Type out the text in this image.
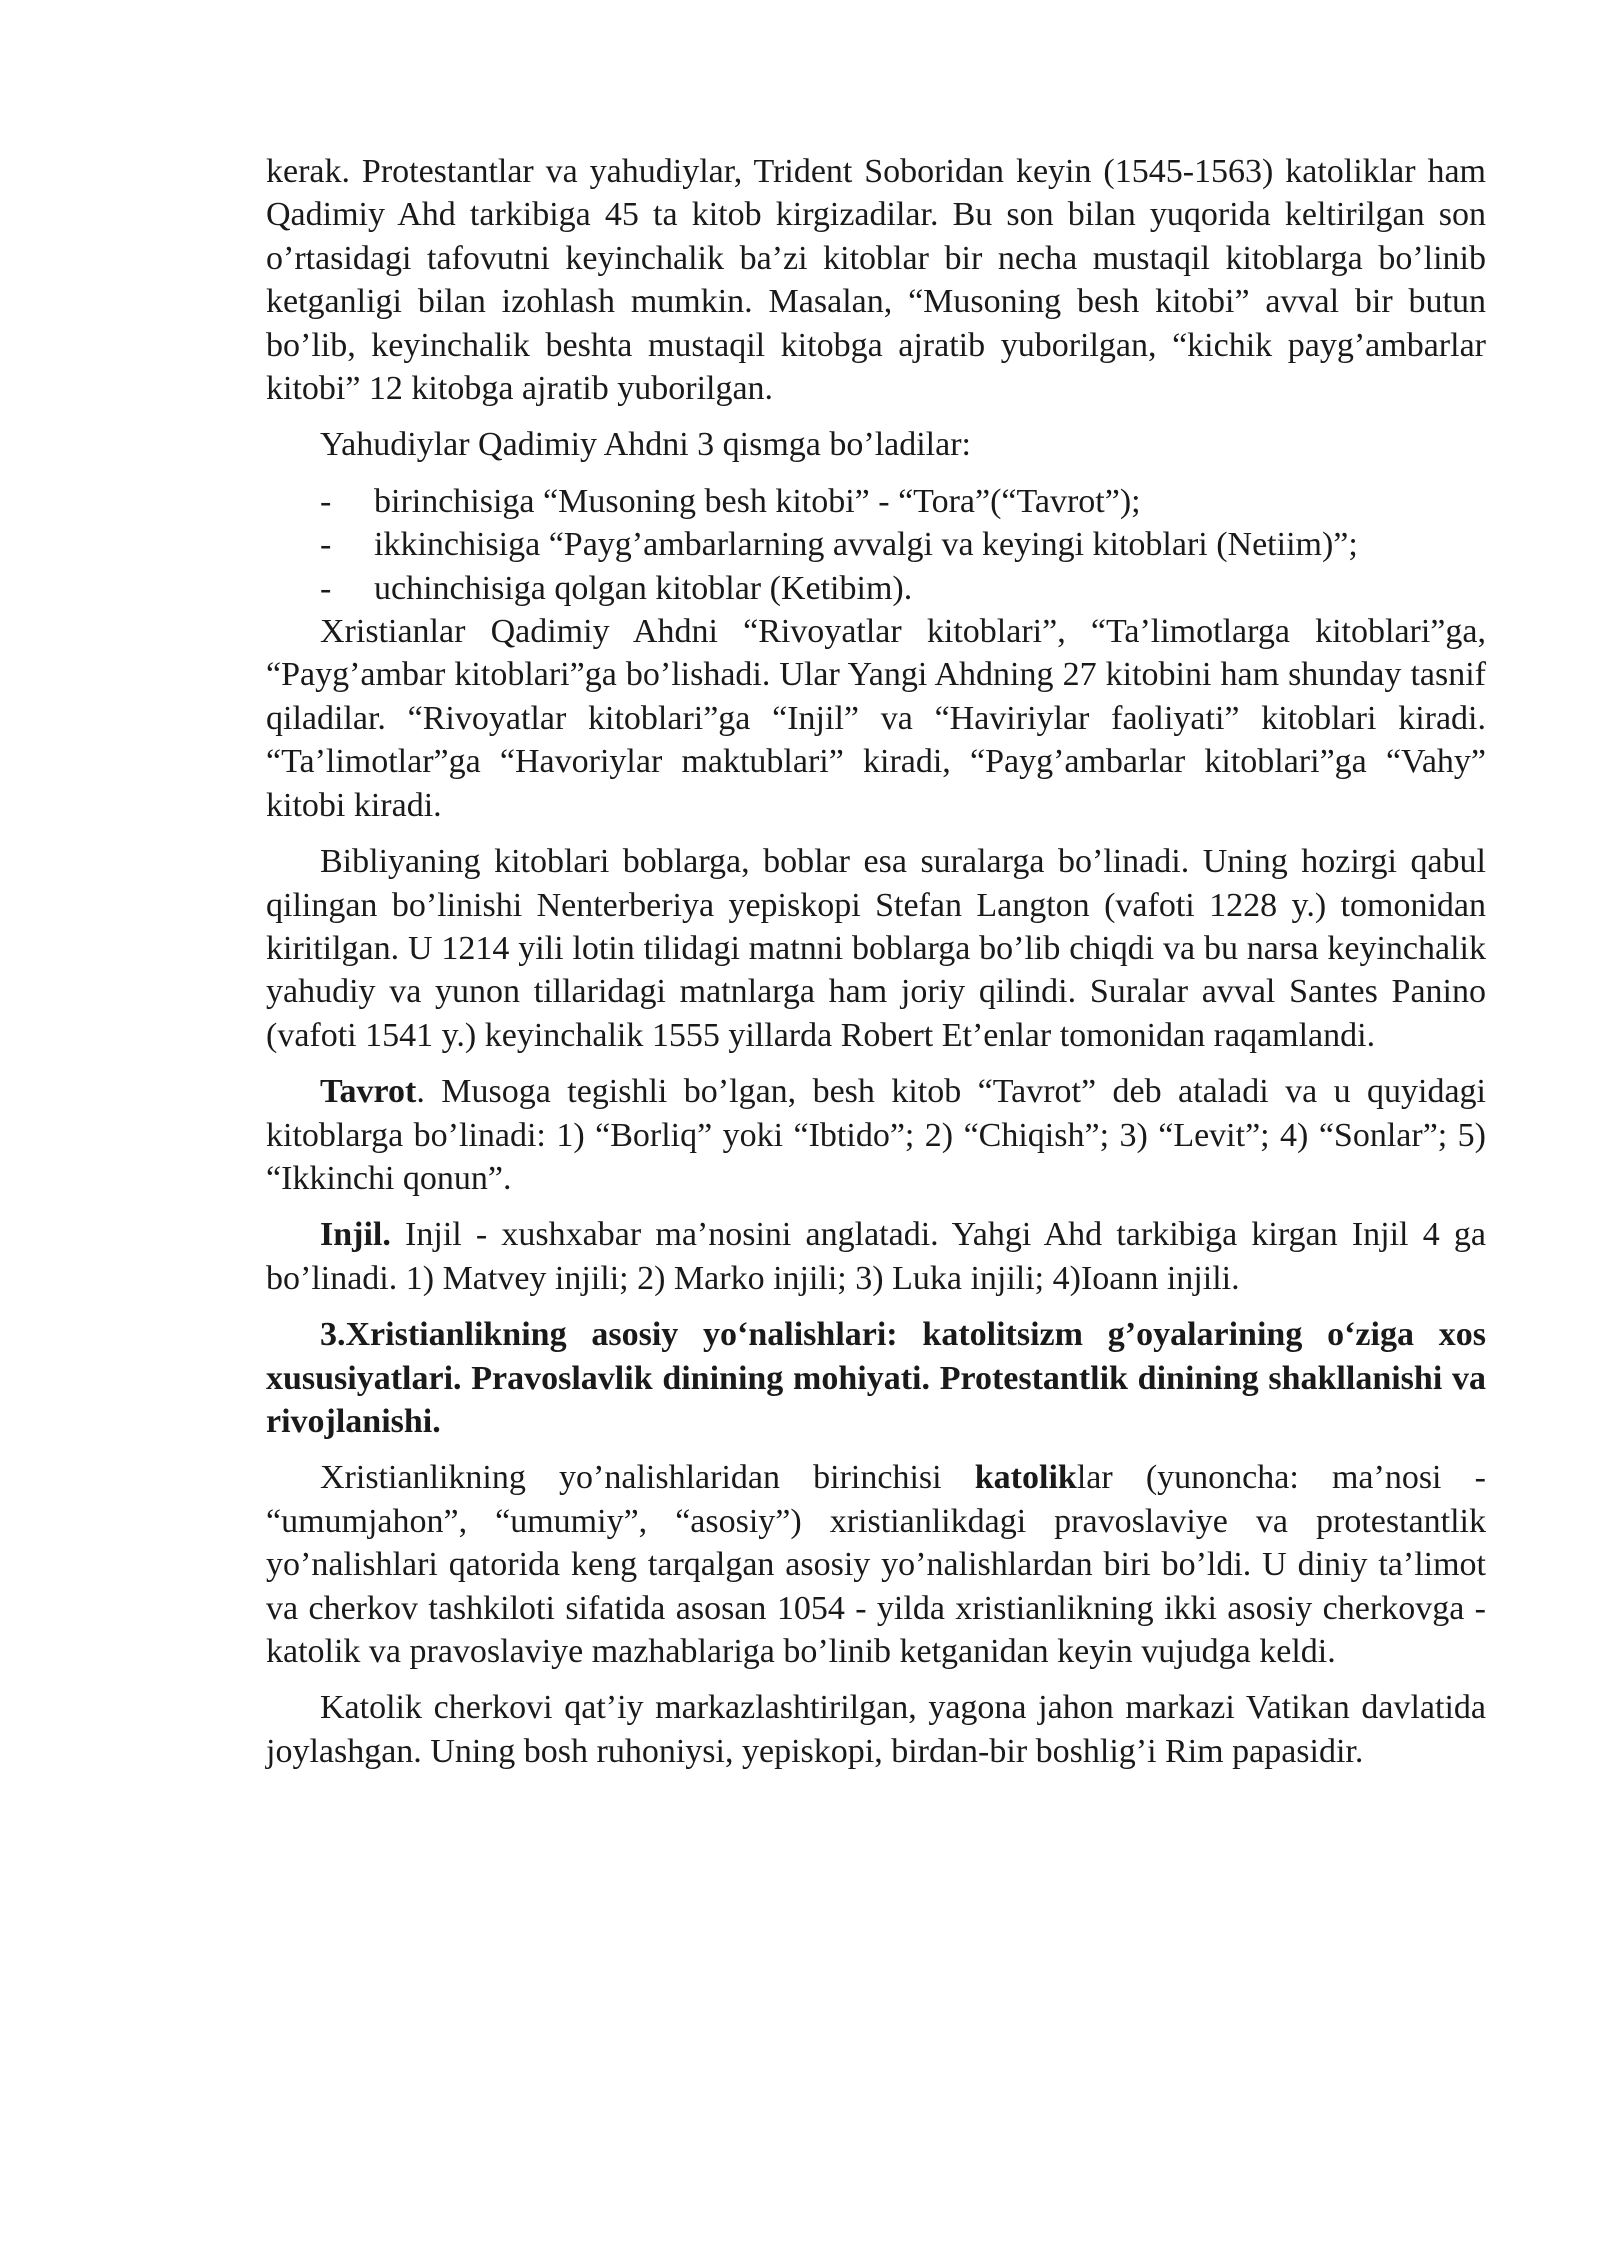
kerak. Protestantlar va yahudiylar, Trident Soboridan keyin (1545-1563) katoliklar ham Qadimiy Ahd tarkibiga 45 ta kitob kirgizadilar. Bu son bilan yuqorida keltirilgan son o’rtasidagi tafovutni keyinchalik ba’zi kitoblar bir necha mustaqil kitoblarga bo’linib ketganligi bilan izohlash mumkin. Masalan, “Musoning besh kitobi” avval bir butun bo’lib, keyinchalik beshta mustaqil kitobga ajratib yuborilgan, “kichik payg’ambarlar kitobi” 12 kitobga ajratib yuborilgan.

Yahudiylar Qadimiy Ahdni 3 qismga bo’ladilar:

-	birinchisiga “Musoning besh kitobi” - “Tora”(“Tavrot”);
- ikkinchisiga “Payg’ambarlarning avvalgi va keyingi kitoblari (Netiim)”;
-	uchinchisiga qolgan kitoblar (Ketibim).

Xristianlar Qadimiy Ahdni “Rivoyatlar kitoblari”, “Ta’limotlarga kitoblari”ga, “Payg’ambar kitoblari”ga bo’lishadi. Ular Yangi Ahdning 27 kitobini ham shunday tasnif qiladilar. “Rivoyatlar kitoblari”ga “Injil” va “Haviriylar faoliyati” kitoblari kiradi. “Ta’limotlar”ga “Havoriylar maktublari” kiradi, “Payg’ambarlar kitoblari”ga “Vahy” kitobi kiradi.

Bibliyaning kitoblari boblarga, boblar esa suralarga bo’linadi. Uning hozirgi qabul qilingan bo’linishi Nenterberiya yepiskopi Stefan Langton (vafoti 1228 y.) tomonidan kiritilgan. U 1214 yili lotin tilidagi matnni boblarga bo’lib chiqdi va bu narsa keyinchalik yahudiy va yunon tillaridagi matnlarga ham joriy qilindi. Suralar avval Santes Panino (vafoti 1541 y.) keyinchalik 1555 yillarda Robert Et’enlar tomonidan raqamlandi.

Tavrot. Musoga tegishli bo’lgan, besh kitob “Tavrot” deb ataladi va u quyidagi kitoblarga bo’linadi: 1) “Borliq” yoki “Ibtido”; 2) “Chiqish”; 3) “Levit”; 4) “Sonlar”; 5) “Ikkinchi qonun”.

Injil. Injil - xushxabar ma’nosini anglatadi. Yahgi Ahd tarkibiga kirgan Injil 4 ga bo’linadi. 1) Matvey injili; 2) Marko injili; 3) Luka injili; 4)Ioann injili.

3.Xristianlikning asosiy yo‘nalishlari: katolitsizm g’oyalarining o‘ziga xos xususiyatlari. Pravoslavlik dinining mohiyati. Protestantlik dinining shakllanishi va rivojlanishi.

Xristianlikning yo’nalishlaridan birinchisi katoliklar (yunoncha: ma’nosi - “umumjahon”, “umumiy”, “asosiy”) xristianlikdagi pravoslaviye va protestantlik yo’nalishlari qatorida keng tarqalgan asosiy yo’nalishlardan biri bo’ldi. U diniy ta’limot va cherkov tashkiloti sifatida asosan 1054 - yilda xristianlikning ikki asosiy cherkovga - katolik va pravoslaviye mazhablariga bo’linib ketganidan keyin vujudga keldi.

Katolik cherkovi qat’iy markazlashtirilgan, yagona jahon markazi Vatikan davlatida joylashgan. Uning bosh ruhoniysi, yepiskopi, birdan-bir boshlig’i Rim papasidir.
